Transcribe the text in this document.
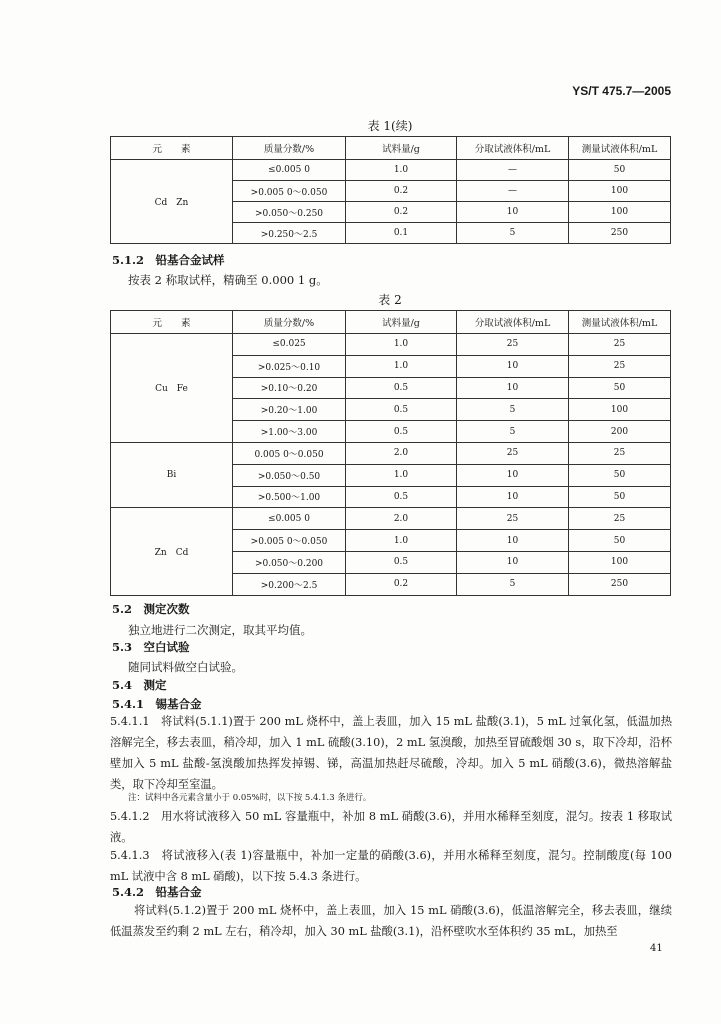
YS/T 475.7—2005
表 1(续)
元　　素	质量分数/%	试料量/g	分取试液体积/mL	测量试液体积/mL
Cd　Zn	≤0.005 0	1.0	—	50
	>0.005 0～0.050	0.2	—	100
	>0.050～0.250	0.2	10	100
	>0.250～2.5	0.1	5	250
5.1.2　铅基合金试样
按表 2 称取试样，精确至 0.000 1 g。
表 2
元　　素	质量分数/%	试料量/g	分取试液体积/mL	测量试液体积/mL
Cu　Fe	≤0.025	1.0	25	25
	>0.025～0.10	1.0	10	25
	>0.10～0.20	0.5	10	50
	>0.20～1.00	0.5	5	100
	>1.00～3.00	0.5	5	200
Bi	0.005 0～0.050	2.0	25	25
	>0.050～0.50	1.0	10	50
	>0.500～1.00	0.5	10	50
Zn　Cd	≤0.005 0	2.0	25	25
	>0.005 0～0.050	1.0	10	50
	>0.050～0.200	0.5	10	100
	>0.200～2.5	0.2	5	250
5.2　测定次数
独立地进行二次测定，取其平均值。
5.3　空白试验
随同试料做空白试验。
5.4　测定
5.4.1　锡基合金
5.4.1.1　将试料(5.1.1)置于 200 mL 烧杯中，盖上表皿，加入 15 mL 盐酸(3.1)，5 mL 过氧化氢，低温加热溶解完全，移去表皿，稍冷却，加入 1 mL 硫酸(3.10)，2 mL 氢溴酸，加热至冒硫酸烟 30 s，取下冷却，沿杯壁加入 5 mL 盐酸-氢溴酸加热挥发掉锡、锑，高温加热赶尽硫酸，冷却。加入 5 mL 硝酸(3.6)，微热溶解盐类，取下冷却至室温。
注：试料中各元素含量小于 0.05%时，以下按 5.4.1.3 条进行。
5.4.1.2　用水将试液移入 50 mL 容量瓶中，补加 8 mL 硝酸(3.6)，并用水稀释至刻度，混匀。按表 1 移取试液。
5.4.1.3　将试液移入(表 1)容量瓶中，补加一定量的硝酸(3.6)，并用水稀释至刻度，混匀。控制酸度(每 100 mL 试液中含 8 mL 硝酸)，以下按 5.4.3 条进行。
5.4.2　铅基合金
将试料(5.1.2)置于 200 mL 烧杯中，盖上表皿，加入 15 mL 硝酸(3.6)，低温溶解完全，移去表皿，继续低温蒸发至约剩 2 mL 左右，稍冷却，加入 30 mL 盐酸(3.1)，沿杯壁吹水至体积约 35 mL，加热至
41
